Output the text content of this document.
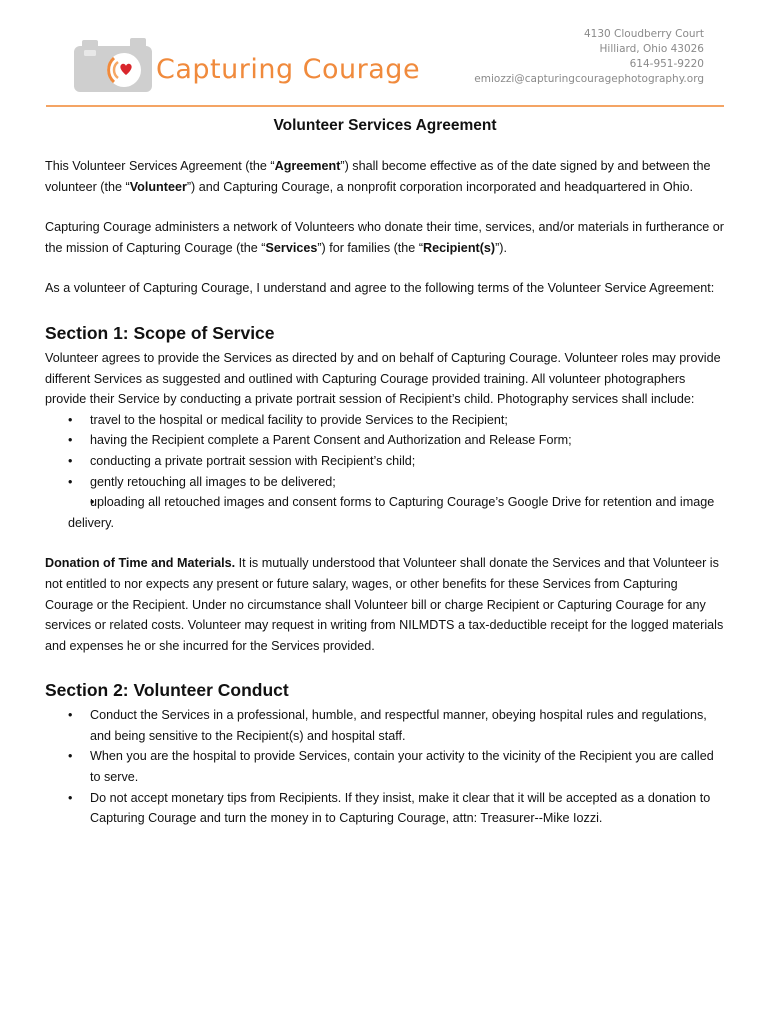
Capturing Courage
4130 Cloudberry Court
Hilliard, Ohio 43026
614-951-9220
emiozzi@capturingcouragephotography.org
Volunteer Services Agreement

This Volunteer Services Agreement (the “Agreement”) shall become effective as of the date signed by and between the volunteer (the “Volunteer”) and Capturing Courage, a nonprofit corporation incorporated and headquartered in Ohio.

Capturing Courage administers a network of Volunteers who donate their time, services, and/or materials in furtherance or the mission of Capturing Courage (the “Services”) for families (the “Recipient(s)”).

As a volunteer of Capturing Courage, I understand and agree to the following terms of the Volunteer Service Agreement:

Section 1: Scope of Service

Volunteer agrees to provide the Services as directed by and on behalf of Capturing Courage. Volunteer roles may provide different Services as suggested and outlined with Capturing Courage provided training. All volunteer photographers provide their Service by conducting a private portrait session of Recipient’s child. Photography services shall include:

• travel to the hospital or medical facility to provide Services to the Recipient;
• having the Recipient complete a Parent Consent and Authorization and Release Form;
• conducting a private portrait session with Recipient’s child;
• gently retouching all images to be delivered;
• uploading all retouched images and consent forms to Capturing Courage’s Google Drive for retention and image delivery.

Donation of Time and Materials. It is mutually understood that Volunteer shall donate the Services and that Volunteer is not entitled to nor expects any present or future salary, wages, or other benefits for these Services from Capturing Courage or the Recipient. Under no circumstance shall Volunteer bill or charge Recipient or Capturing Courage for any services or related costs. Volunteer may request in writing from NILMDTS a tax-deductible receipt for the logged materials and expenses he or she incurred for the Services provided.

Section 2: Volunteer Conduct
• Conduct the Services in a professional, humble, and respectful manner, obeying hospital rules and regulations, and being sensitive to the Recipient(s) and hospital staff.
• When you are the hospital to provide Services, contain your activity to the vicinity of the Recipient you are called to serve.
• Do not accept monetary tips from Recipients. If they insist, make it clear that it will be accepted as a donation to Capturing Courage and turn the money in to Capturing Courage, attn: Treasurer--Mike Iozzi.
